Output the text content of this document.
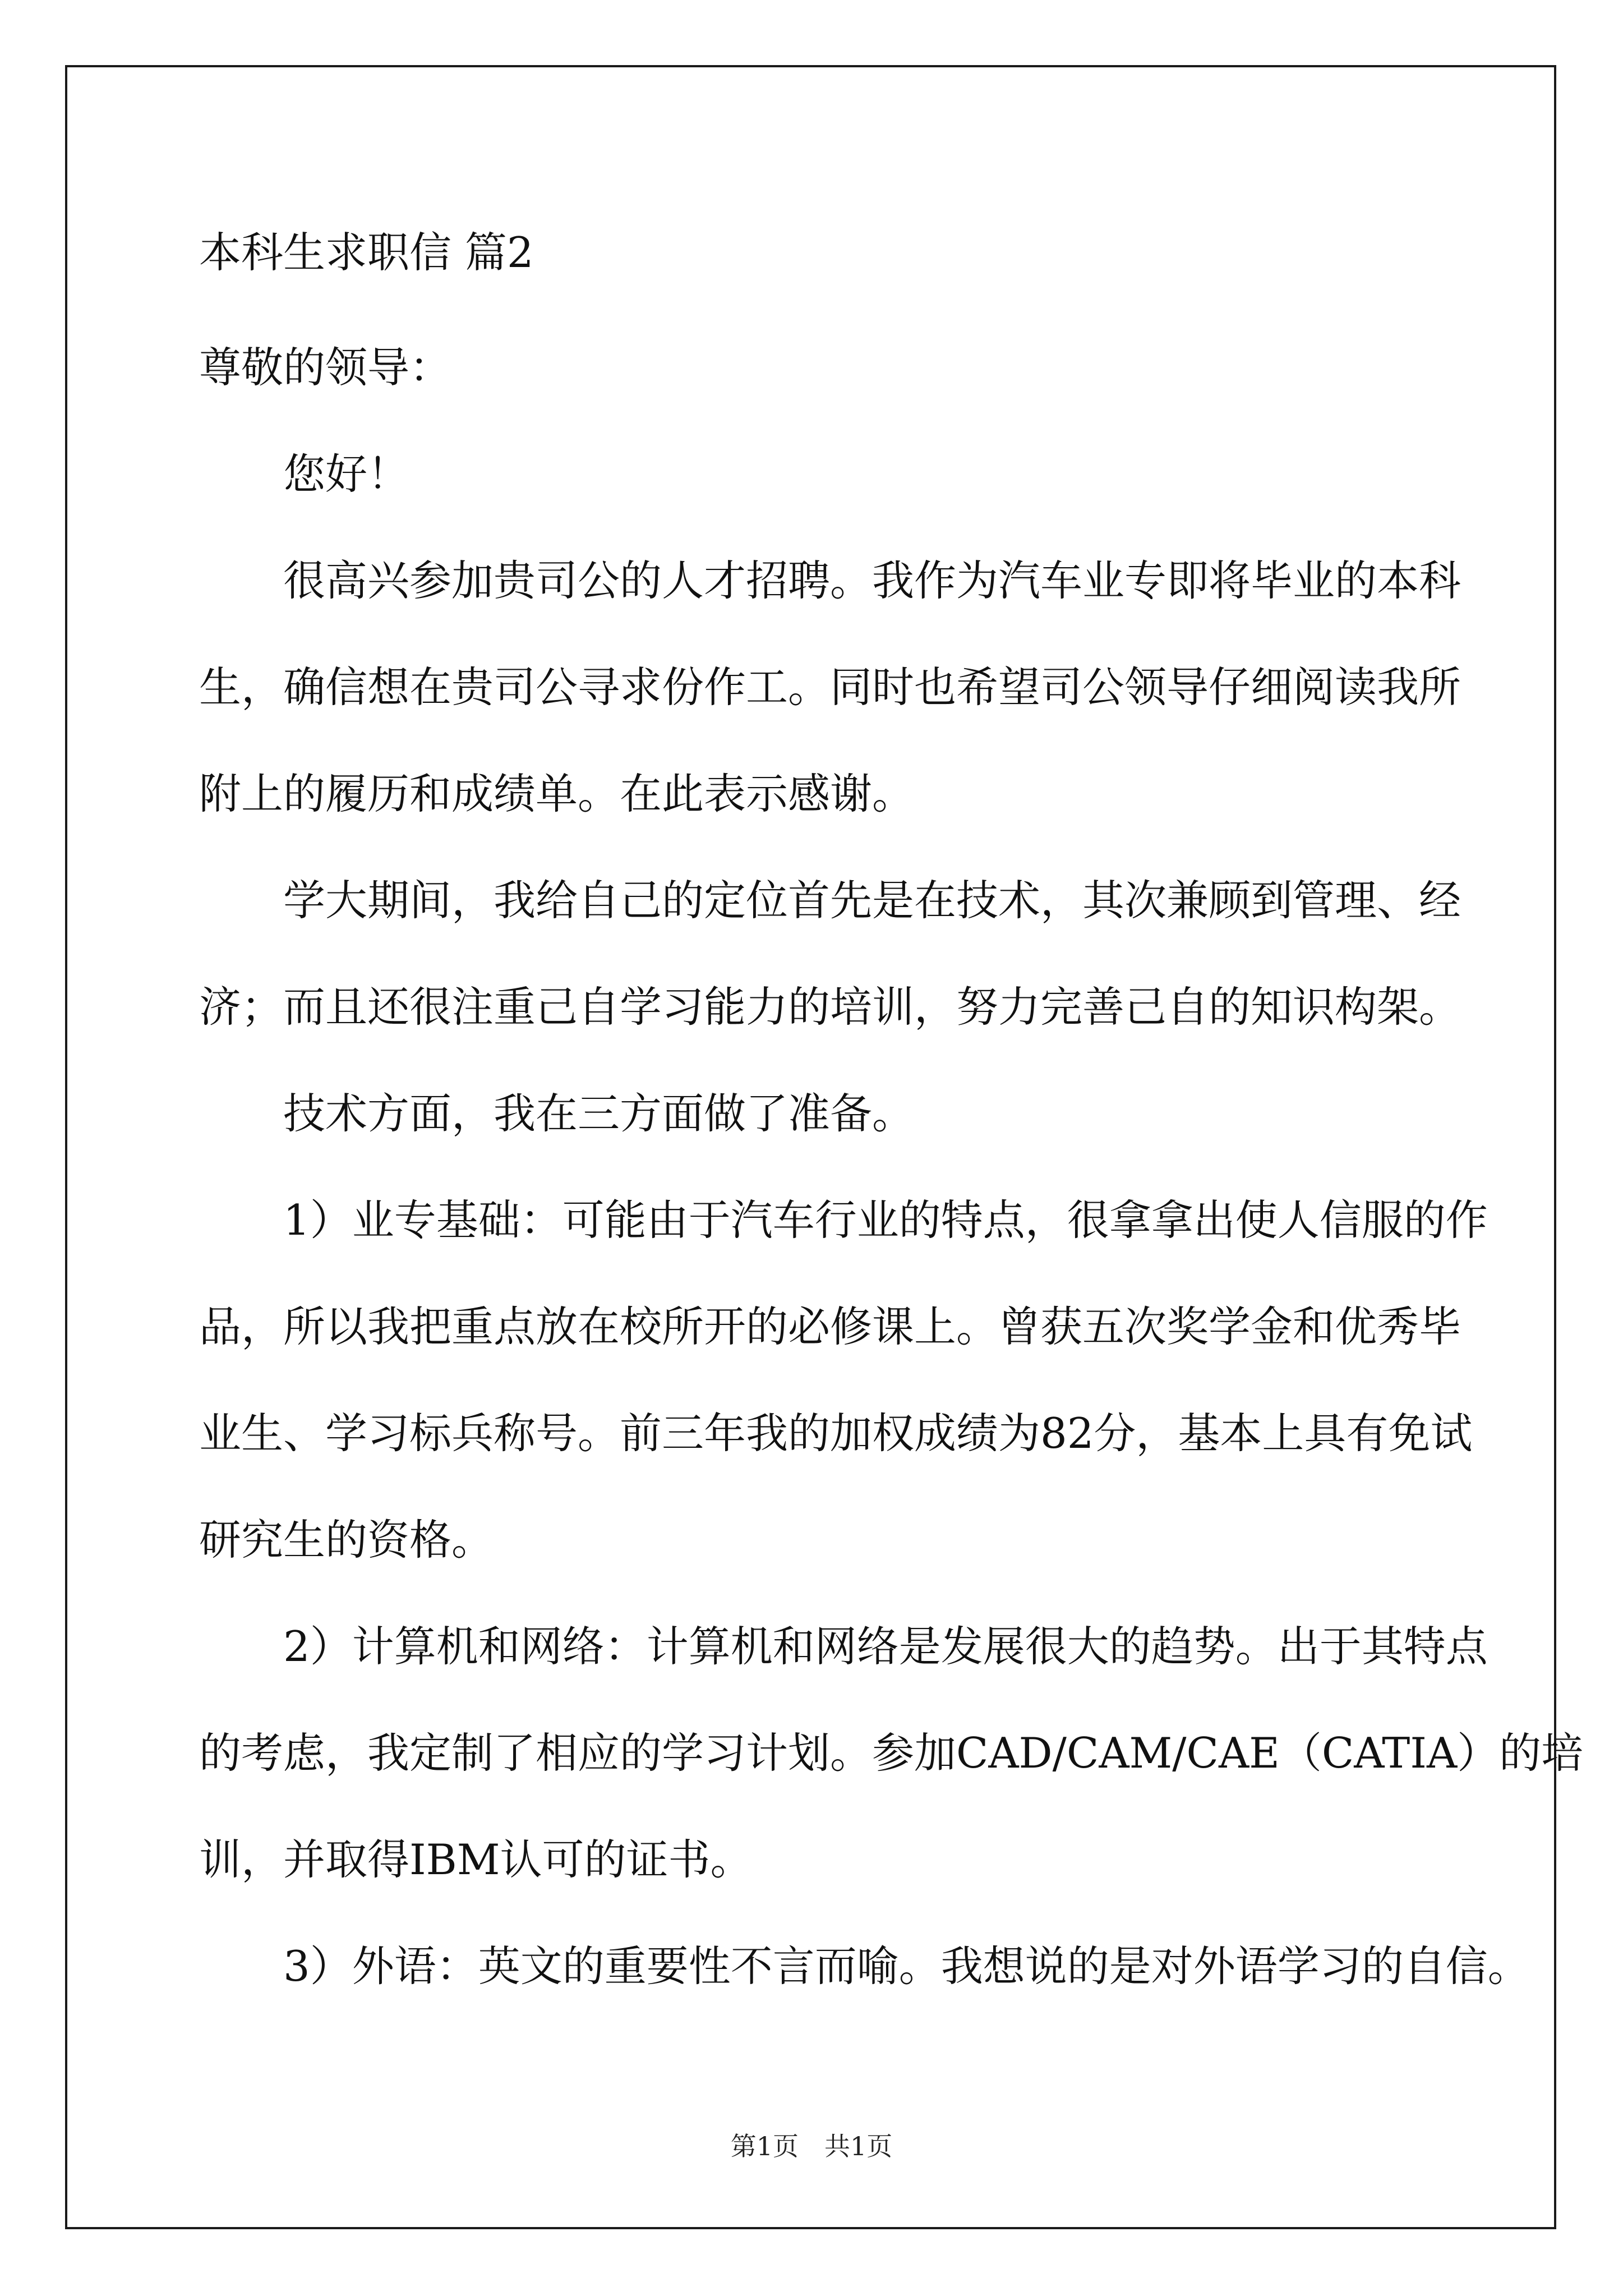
本科生求职信 篇2

尊敬的领导：

您好！

很高兴参加贵司公的人才招聘。我作为汽车业专即将毕业的本科

生，确信想在贵司公寻求份作工。同时也希望司公领导仔细阅读我所

附上的履历和成绩单。在此表示感谢。

学大期间，我给自己的定位首先是在技术，其次兼顾到管理、经

济；而且还很注重己自学习能力的培训，努力完善己自的知识构架。

技术方面，我在三方面做了准备。

1）业专基础：可能由于汽车行业的特点，很拿拿出使人信服的作

品，所以我把重点放在校所开的必修课上。曾获五次奖学金和优秀毕

业生、学习标兵称号。前三年我的加权成绩为82分，基本上具有免试

研究生的资格。

2）计算机和网络：计算机和网络是发展很大的趋势。出于其特点

的考虑，我定制了相应的学习计划。参加CAD/CAM/CAE（CATIA）的培

训，并取得IBM认可的证书。

3）外语：英文的重要性不言而喻。我想说的是对外语学习的自信。

第1页　共1页
